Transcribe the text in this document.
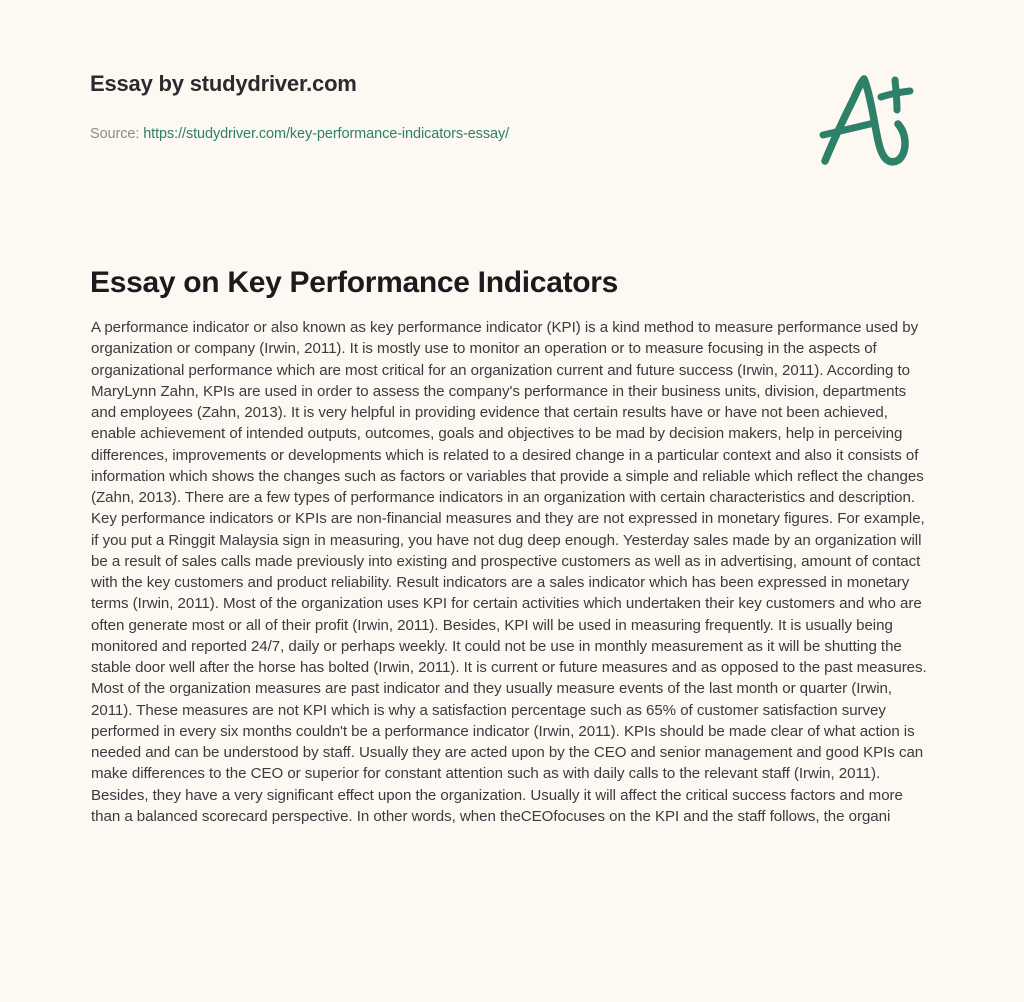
Essay by studydriver.com
Source: https://studydriver.com/key-performance-indicators-essay/
Essay on Key Performance Indicators

A performance indicator or also known as key performance indicator (KPI) is a kind method to measure performance used by organization or company (Irwin, 2011). It is mostly use to monitor an operation or to measure focusing in the aspects of organizational performance which are most critical for an organization current and future success (Irwin, 2011). According to MaryLynn Zahn, KPIs are used in order to assess the company's performance in their business units, division, departments and employees (Zahn, 2013). It is very helpful in providing evidence that certain results have or have not been achieved, enable achievement of intended outputs, outcomes, goals and objectives to be mad by decision makers, help in perceiving differences, improvements or developments which is related to a desired change in a particular context and also it consists of information which shows the changes such as factors or variables that provide a simple and reliable which reflect the changes (Zahn, 2013). There are a few types of performance indicators in an organization with certain characteristics and description. Key performance indicators or KPIs are non-financial measures and they are not expressed in monetary figures. For example, if you put a Ringgit Malaysia sign in measuring, you have not dug deep enough. Yesterday sales made by an organization will be a result of sales calls made previously into existing and prospective customers as well as in advertising, amount of contact with the key customers and product reliability. Result indicators are a sales indicator which has been expressed in monetary terms (Irwin, 2011). Most of the organization uses KPI for certain activities which undertaken their key customers and who are often generate most or all of their profit (Irwin, 2011). Besides, KPI will be used in measuring frequently. It is usually being monitored and reported 24/7, daily or perhaps weekly. It could not be use in monthly measurement as it will be shutting the stable door well after the horse has bolted (Irwin, 2011). It is current or future measures and as opposed to the past measures. Most of the organization measures are past indicator and they usually measure events of the last month or quarter (Irwin, 2011). These measures are not KPI which is why a satisfaction percentage such as 65% of customer satisfaction survey performed in every six months couldn't be a performance indicator (Irwin, 2011). KPIs should be made clear of what action is needed and can be understood by staff. Usually they are acted upon by the CEO and senior management and good KPIs can make differences to the CEO or superior for constant attention such as with daily calls to the relevant staff (Irwin, 2011). Besides, they have a very significant effect upon the organization. Usually it will affect the critical success factors and more than a balanced scorecard perspective. In other words, when theCEOfocuses on the KPI and the staff follows, the organi
